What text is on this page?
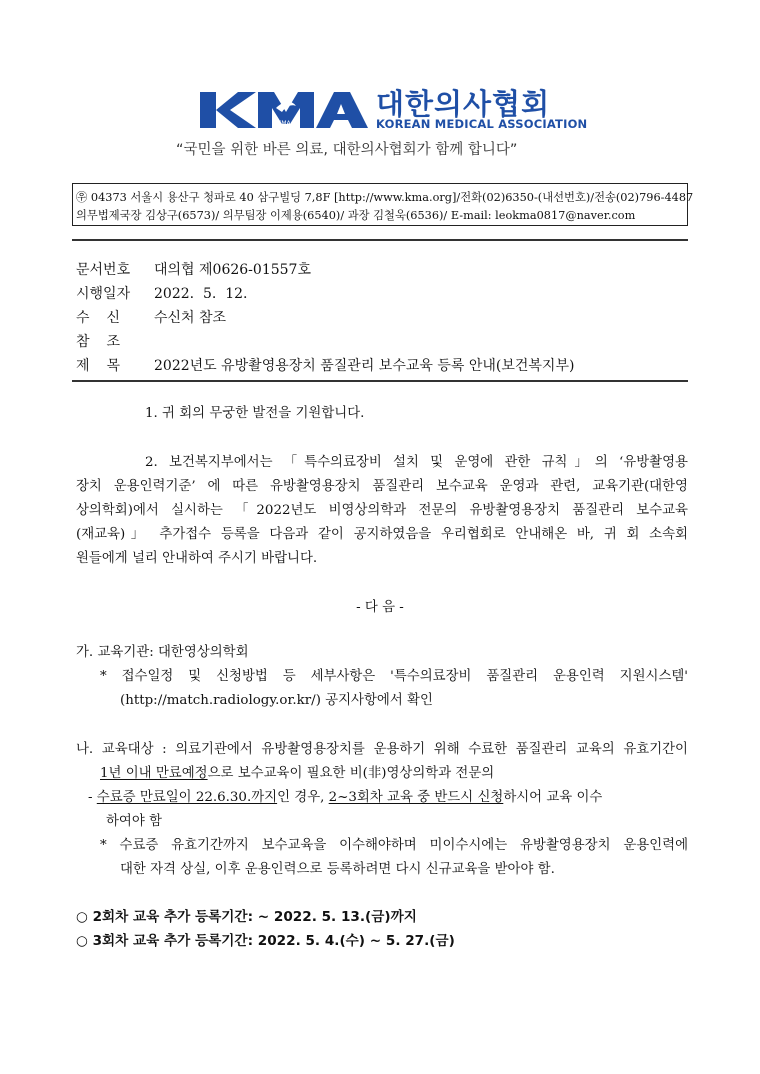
KMA
대한의사협회
KOREAN MEDICAL ASSOCIATION
“국민을 위한 바른 의료, 대한의사협회가 함께 합니다”
㉾ 04373 서울시 용산구 청파로 40 삼구빌딩 7,8F [http://www.kma.org]/전화(02)6350-(내선번호)/전송(02)796-4487
의무법제국장 김상구(6573)/ 의무팀장 이제용(6540)/ 과장 김철욱(6536)/ E-mail: leokma0817@naver.com
문서번호 대의협 제0626-01557호
시행일자 2022.  5.  12.
수신 수신처 참조
참조
제목 2022년도 유방촬영용장치 품질관리 보수교육 등록 안내(보건복지부)
1. 귀 회의 무궁한 발전을 기원합니다.
2. 보건복지부에서는 「특수의료장비 설치 및 운영에 관한 규칙」의 ‘유방촬영용
장치 운용인력기준’ 에 따른 유방촬영용장치 품질관리 보수교육 운영과 관련, 교육기관(대한영
상의학회)에서 실시하는 「2022년도 비영상의학과 전문의 유방촬영용장치 품질관리 보수교육
(재교육)」 추가접수 등록을 다음과 같이 공지하였음을 우리협회로 안내해온 바, 귀 회 소속회
원들에게 널리 안내하여 주시기 바랍니다.
- 다 음 -
가. 교육기관: 대한영상의학회
* 접수일정 및 신청방법 등 세부사항은 '특수의료장비 품질관리 운용인력 지원시스템'
(http://match.radiology.or.kr/) 공지사항에서 확인
나. 교육대상 : 의료기관에서 유방촬영용장치를 운용하기 위해 수료한 품질관리 교육의 유효기간이
1년 이내 만료예정으로 보수교육이 필요한 비(非)영상의학과 전문의
- 수료증 만료일이 22.6.30.까지인 경우, 2~3회차 교육 중 반드시 신청하시어 교육 이수
하여야 함
* 수료증 유효기간까지 보수교육을 이수해야하며 미이수시에는 유방촬영용장치 운용인력에
대한 자격 상실, 이후 운용인력으로 등록하려면 다시 신규교육을 받아야 함.
○ 2회차 교육 추가 등록기간: ~ 2022. 5. 13.(금)까지
○ 3회차 교육 추가 등록기간: 2022. 5. 4.(수) ~ 5. 27.(금)
